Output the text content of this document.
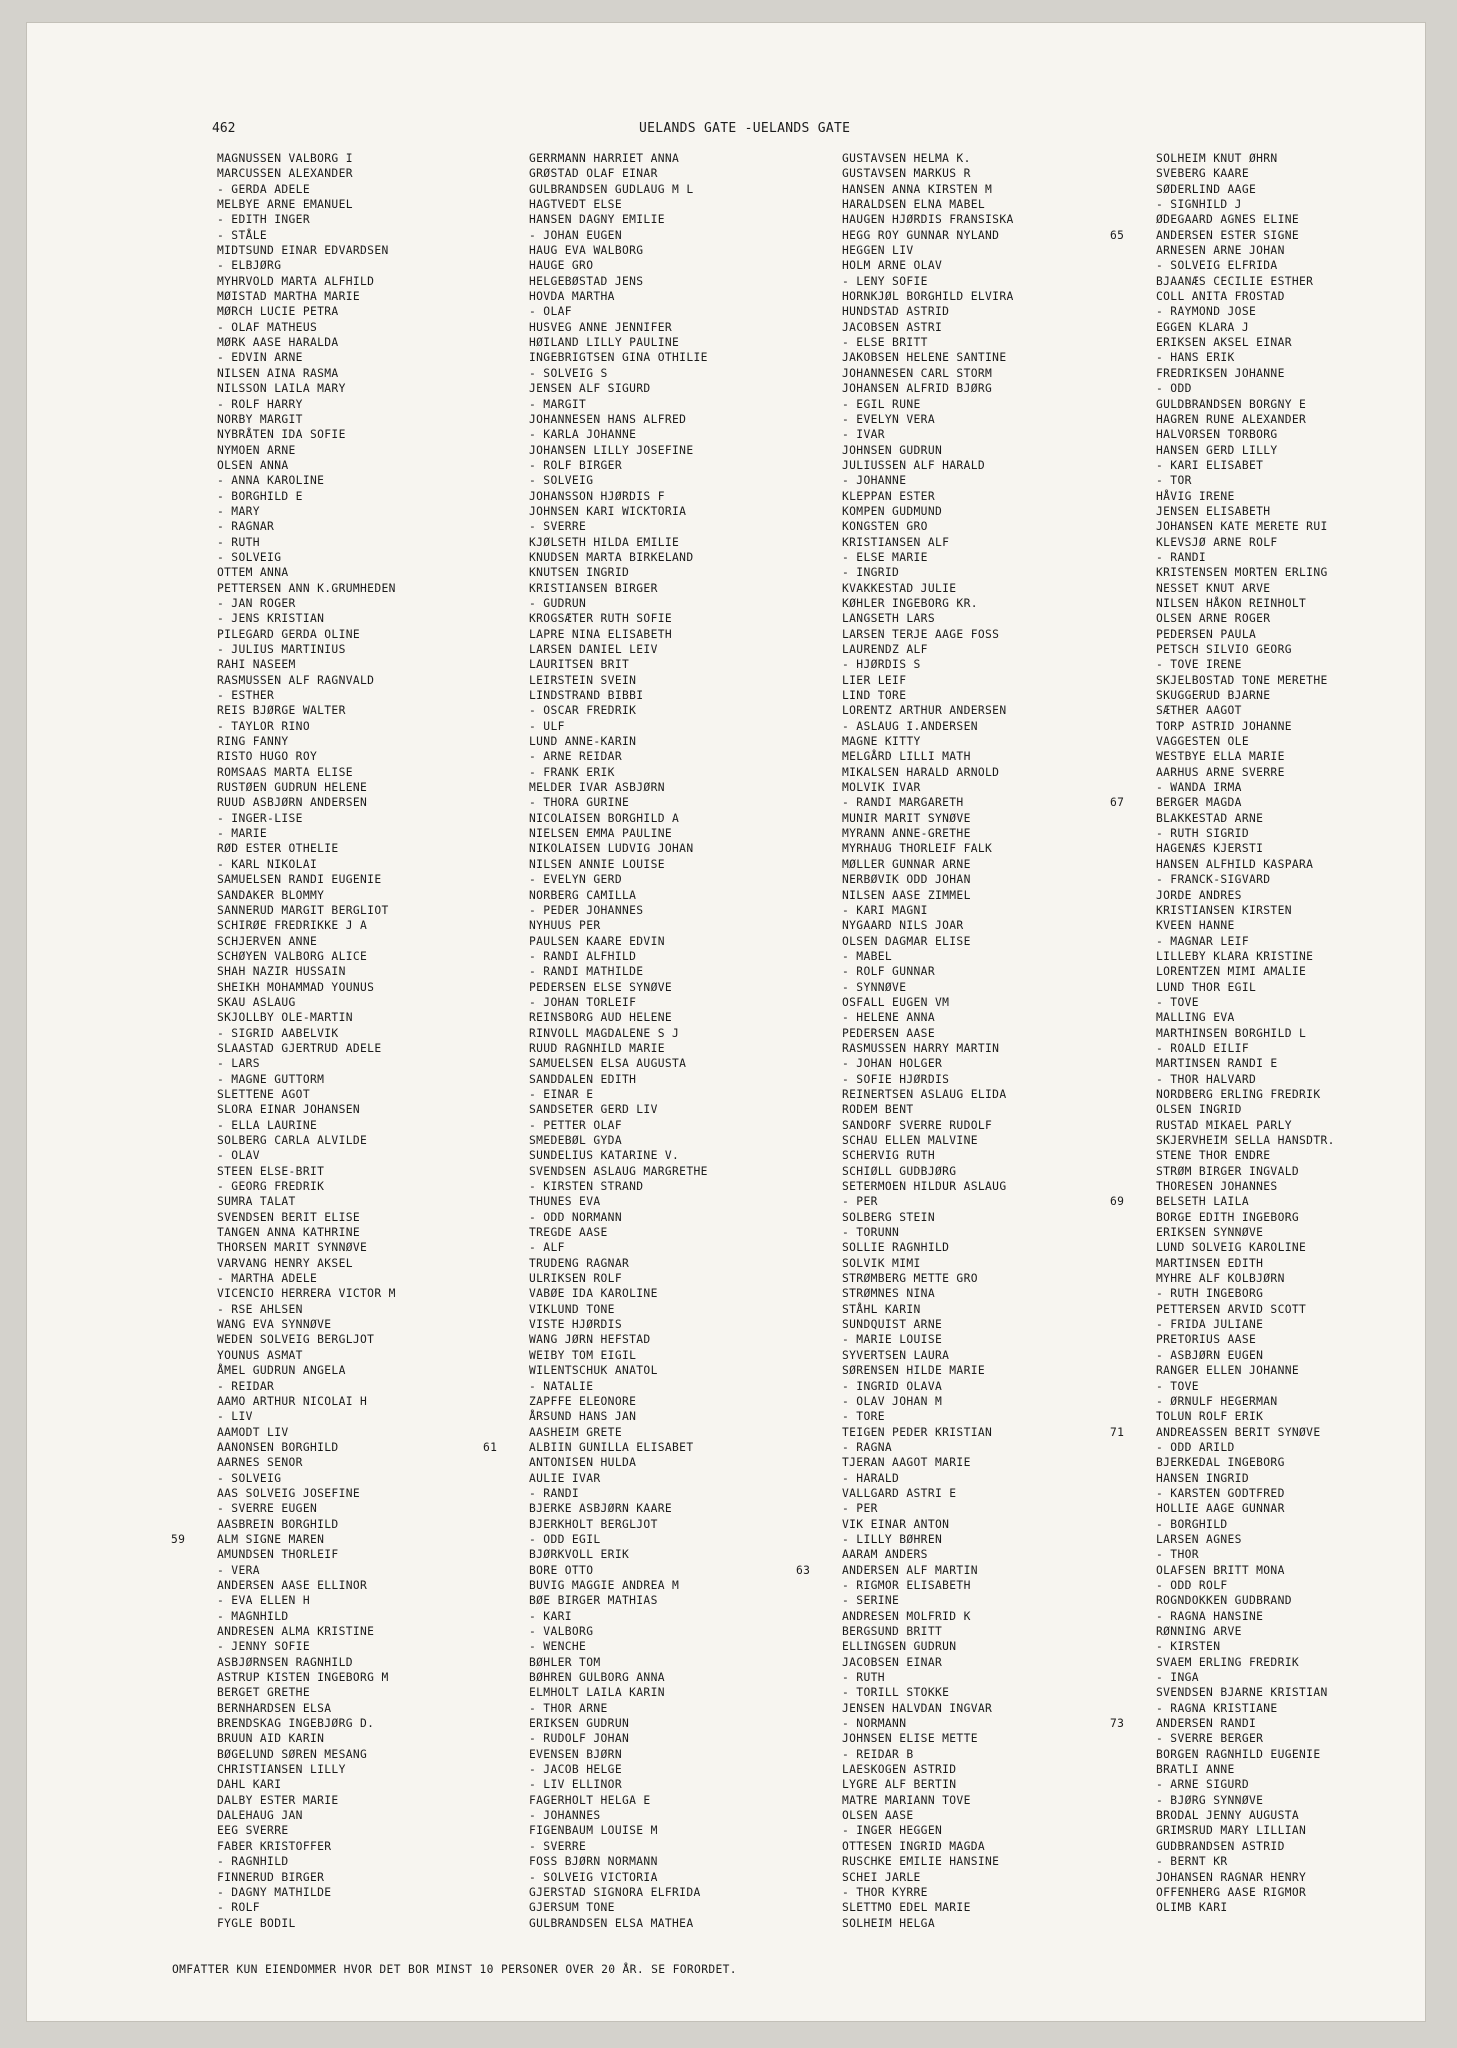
462	UELANDS GATE -UELANDS GATE
MAGNUSSEN VALBORG I
MARCUSSEN ALEXANDER
- GERDA ADELE
MELBYE ARNE EMANUEL
- EDITH INGER
- STÅLE
MIDTSUND EINAR EDVARDSEN
- ELBJØRG
MYHRVOLD MARTA ALFHILD
MØISTAD MARTHA MARIE
MØRCH LUCIE PETRA
- OLAF MATHEUS
MØRK AASE HARALDA
- EDVIN ARNE
NILSEN AINA RASMA
NILSSON LAILA MARY
- ROLF HARRY
NORBY MARGIT
NYBRÅTEN IDA SOFIE
NYMOEN ARNE
OLSEN ANNA
- ANNA KAROLINE
- BORGHILD E
- MARY
- RAGNAR
- RUTH
- SOLVEIG
OTTEM ANNA
PETTERSEN ANN K.GRUMHEDEN
- JAN ROGER
- JENS KRISTIAN
PILEGARD GERDA OLINE
- JULIUS MARTINIUS
RAHI NASEEM
RASMUSSEN ALF RAGNVALD
- ESTHER
REIS BJØRGE WALTER
- TAYLOR RINO
RING FANNY
RISTO HUGO ROY
ROMSAAS MARTA ELISE
RUSTØEN GUDRUN HELENE
RUUD ASBJØRN ANDERSEN
- INGER-LISE
- MARIE
RØD ESTER OTHELIE
- KARL NIKOLAI
SAMUELSEN RANDI EUGENIE
SANDAKER BLOMMY
SANNERUD MARGIT BERGLIOT
SCHIRØE FREDRIKKE J A
SCHJERVEN ANNE
SCHØYEN VALBORG ALICE
SHAH NAZIR HUSSAIN
SHEIKH MOHAMMAD YOUNUS
SKAU ASLAUG
SKJOLLBY OLE-MARTIN
- SIGRID AABELVIK
SLAASTAD GJERTRUD ADELE
- LARS
- MAGNE GUTTORM
SLETTENE AGOT
SLORA EINAR JOHANSEN
- ELLA LAURINE
SOLBERG CARLA ALVILDE
- OLAV
STEEN ELSE-BRIT
- GEORG FREDRIK
SUMRA TALAT
SVENDSEN BERIT ELISE
TANGEN ANNA KATHRINE
THORSEN MARIT SYNNØVE
VARVANG HENRY AKSEL
- MARTHA ADELE
VICENCIO HERRERA VICTOR M
- RSE AHLSEN
WANG EVA SYNNØVE
WEDEN SOLVEIG BERGLJOT
YOUNUS ASMAT
ÅMEL GUDRUN ANGELA
- REIDAR
AAMO ARTHUR NICOLAI H
- LIV
AAMODT LIV
AANONSEN BORGHILD
AARNES SENOR
- SOLVEIG
AAS SOLVEIG JOSEFINE
- SVERRE EUGEN
AASBREIN BORGHILD
59	ALM SIGNE MAREN
AMUNDSEN THORLEIF
- VERA
ANDERSEN AASE ELLINOR
- EVA ELLEN H
- MAGNHILD
ANDRESEN ALMA KRISTINE
- JENNY SOFIE
ASBJØRNSEN RAGNHILD
ASTRUP KISTEN INGEBORG M
BERGET GRETHE
BERNHARDSEN ELSA
BRENDSKAG INGEBJØRG D.
BRUUN AID KARIN
BØGELUND SØREN MESANG
CHRISTIANSEN LILLY
DAHL KARI
DALBY ESTER MARIE
DALEHAUG JAN
EEG SVERRE
FABER KRISTOFFER
- RAGNHILD
FINNERUD BIRGER
- DAGNY MATHILDE
- ROLF
FYGLE BODIL
GERRMANN HARRIET ANNA
GRØSTAD OLAF EINAR
GULBRANDSEN GUDLAUG M L
HAGTVEDT ELSE
HANSEN DAGNY EMILIE
- JOHAN EUGEN
HAUG EVA WALBORG
HAUGE GRO
HELGEBØSTAD JENS
HOVDA MARTHA
- OLAF
HUSVEG ANNE JENNIFER
HØILAND LILLY PAULINE
INGEBRIGTSEN GINA OTHILIE
- SOLVEIG S
JENSEN ALF SIGURD
- MARGIT
JOHANNESEN HANS ALFRED
- KARLA JOHANNE
JOHANSEN LILLY JOSEFINE
- ROLF BIRGER
- SOLVEIG
JOHANSSON HJØRDIS F
JOHNSEN KARI WICKTORIA
- SVERRE
KJØLSETH HILDA EMILIE
KNUDSEN MARTA BIRKELAND
KNUTSEN INGRID
KRISTIANSEN BIRGER
- GUDRUN
KROGSÆTER RUTH SOFIE
LAPRE NINA ELISABETH
LARSEN DANIEL LEIV
LAURITSEN BRIT
LEIRSTEIN SVEIN
LINDSTRAND BIBBI
- OSCAR FREDRIK
- ULF
LUND ANNE-KARIN
- ARNE REIDAR
- FRANK ERIK
MELDER IVAR ASBJØRN
- THORA GURINE
NICOLAISEN BORGHILD A
NIELSEN EMMA PAULINE
NIKOLAISEN LUDVIG JOHAN
NILSEN ANNIE LOUISE
- EVELYN GERD
NORBERG CAMILLA
- PEDER JOHANNES
NYHUUS PER
PAULSEN KAARE EDVIN
- RANDI ALFHILD
- RANDI MATHILDE
PEDERSEN ELSE SYNØVE
- JOHAN TORLEIF
REINSBORG AUD HELENE
RINVOLL MAGDALENE S J
RUUD RAGNHILD MARIE
SAMUELSEN ELSA AUGUSTA
SANDDALEN EDITH
- EINAR E
SANDSETER GERD LIV
- PETTER OLAF
SMEDEBØL GYDA
SUNDELIUS KATARINE V.
SVENDSEN ASLAUG MARGRETHE
- KIRSTEN STRAND
THUNES EVA
- ODD NORMANN
TREGDE AASE
- ALF
TRUDENG RAGNAR
ULRIKSEN ROLF
VABØE IDA KAROLINE
VIKLUND TONE
VISTE HJØRDIS
WANG JØRN HEFSTAD
WEIBY TOM EIGIL
WILENTSCHUK ANATOL
- NATALIE
ZAPFFE ELEONORE
ÅRSUND HANS JAN
AASHEIM GRETE
61	ALBIIN GUNILLA ELISABET
ANTONISEN HULDA
AULIE IVAR
- RANDI
BJERKE ASBJØRN KAARE
BJERKHOLT BERGLJOT
- ODD EGIL
BJØRKVOLL ERIK
BORE OTTO
BUVIG MAGGIE ANDREA M
BØE BIRGER MATHIAS
- KARI
- VALBORG
- WENCHE
BØHLER TOM
BØHREN GULBORG ANNA
ELMHOLT LAILA KARIN
- THOR ARNE
ERIKSEN GUDRUN
- RUDOLF JOHAN
EVENSEN BJØRN
- JACOB HELGE
- LIV ELLINOR
FAGERHOLT HELGA E
- JOHANNES
FIGENBAUM LOUISE M
- SVERRE
FOSS BJØRN NORMANN
- SOLVEIG VICTORIA
GJERSTAD SIGNORA ELFRIDA
GJERSUM TONE
GULBRANDSEN ELSA MATHEA
GUSTAVSEN HELMA K.
GUSTAVSEN MARKUS R
HANSEN ANNA KIRSTEN M
HARALDSEN ELNA MABEL
HAUGEN HJØRDIS FRANSISKA
HEGG ROY GUNNAR NYLAND
HEGGEN LIV
HOLM ARNE OLAV
- LENY SOFIE
HORNKJØL BORGHILD ELVIRA
HUNDSTAD ASTRID
JACOBSEN ASTRI
- ELSE BRITT
JAKOBSEN HELENE SANTINE
JOHANNESEN CARL STORM
JOHANSEN ALFRID BJØRG
- EGIL RUNE
- EVELYN VERA
- IVAR
JOHNSEN GUDRUN
JULIUSSEN ALF HARALD
- JOHANNE
KLEPPAN ESTER
KOMPEN GUDMUND
KONGSTEN GRO
KRISTIANSEN ALF
- ELSE MARIE
- INGRID
KVAKKESTAD JULIE
KØHLER INGEBORG KR.
LANGSETH LARS
LARSEN TERJE AAGE FOSS
LAURENDZ ALF
- HJØRDIS S
LIER LEIF
LIND TORE
LORENTZ ARTHUR ANDERSEN
- ASLAUG I.ANDERSEN
MAGNE KITTY
MELGÅRD LILLI MATH
MIKALSEN HARALD ARNOLD
MOLVIK IVAR
- RANDI MARGARETH
MUNIR MARIT SYNØVE
MYRANN ANNE-GRETHE
MYRHAUG THORLEIF FALK
MØLLER GUNNAR ARNE
NERBØVIK ODD JOHAN
NILSEN AASE ZIMMEL
- KARI MAGNI
NYGAARD NILS JOAR
OLSEN DAGMAR ELISE
- MABEL
- ROLF GUNNAR
- SYNNØVE
OSFALL EUGEN VM
- HELENE ANNA
PEDERSEN AASE
RASMUSSEN HARRY MARTIN
- JOHAN HOLGER
- SOFIE HJØRDIS
REINERTSEN ASLAUG ELIDA
RODEM BENT
SANDORF SVERRE RUDOLF
SCHAU ELLEN MALVINE
SCHERVIG RUTH
SCHIØLL GUDBJØRG
SETERMOEN HILDUR ASLAUG
- PER
SOLBERG STEIN
- TORUNN
SOLLIE RAGNHILD
SOLVIK MIMI
STRØMBERG METTE GRO
STRØMNES NINA
STÅHL KARIN
SUNDQUIST ARNE
- MARIE LOUISE
SYVERTSEN LAURA
SØRENSEN HILDE MARIE
- INGRID OLAVA
- OLAV JOHAN M
- TORE
TEIGEN PEDER KRISTIAN
- RAGNA
TJERAN AAGOT MARIE
- HARALD
VALLGARD ASTRI E
- PER
VIK EINAR ANTON
- LILLY BØHREN
AARAM ANDERS
63	ANDERSEN ALF MARTIN
- RIGMOR ELISABETH
- SERINE
ANDRESEN MOLFRID K
BERGSUND BRITT
ELLINGSEN GUDRUN
JACOBSEN EINAR
- RUTH
- TORILL STOKKE
JENSEN HALVDAN INGVAR
- NORMANN
JOHNSEN ELISE METTE
- REIDAR B
LAESKOGEN ASTRID
LYGRE ALF BERTIN
MATRE MARIANN TOVE
OLSEN AASE
- INGER HEGGEN
OTTESEN INGRID MAGDA
RUSCHKE EMILIE HANSINE
SCHEI JARLE
- THOR KYRRE
SLETTMO EDEL MARIE
SOLHEIM HELGA
SOLHEIM KNUT ØHRN
SVEBERG KAARE
SØDERLIND AAGE
- SIGNHILD J
ØDEGAARD AGNES ELINE
65	ANDERSEN ESTER SIGNE
ARNESEN ARNE JOHAN
- SOLVEIG ELFRIDA
BJAANÆS CECILIE ESTHER
COLL ANITA FROSTAD
- RAYMOND JOSE
EGGEN KLARA J
ERIKSEN AKSEL EINAR
- HANS ERIK
FREDRIKSEN JOHANNE
- ODD
GULDBRANDSEN BORGNY E
HAGREN RUNE ALEXANDER
HALVORSEN TORBORG
HANSEN GERD LILLY
- KARI ELISABET
- TOR
HÅVIG IRENE
JENSEN ELISABETH
JOHANSEN KATE MERETE RUI
KLEVSJØ ARNE ROLF
- RANDI
KRISTENSEN MORTEN ERLING
NESSET KNUT ARVE
NILSEN HÅKON REINHOLT
OLSEN ARNE ROGER
PEDERSEN PAULA
PETSCH SILVIO GEORG
- TOVE IRENE
SKJELBOSTAD TONE MERETHE
SKUGGERUD BJARNE
SÆTHER AAGOT
TORP ASTRID JOHANNE
VAGGESTEN OLE
WESTBYE ELLA MARIE
AARHUS ARNE SVERRE
- WANDA IRMA
67	BERGER MAGDA
BLAKKESTAD ARNE
- RUTH SIGRID
HAGENÆS KJERSTI
HANSEN ALFHILD KASPARA
- FRANCK-SIGVARD
JORDE ANDRES
KRISTIANSEN KIRSTEN
KVEEN HANNE
- MAGNAR LEIF
LILLEBY KLARA KRISTINE
LORENTZEN MIMI AMALIE
LUND THOR EGIL
- TOVE
MALLING EVA
MARTHINSEN BORGHILD L
- ROALD EILIF
MARTINSEN RANDI E
- THOR HALVARD
NORDBERG ERLING FREDRIK
OLSEN INGRID
RUSTAD MIKAEL PARLY
SKJERVHEIM SELLA HANSDTR.
STENE THOR ENDRE
STRØM BIRGER INGVALD
THORESEN JOHANNES
69	BELSETH LAILA
BORGE EDITH INGEBORG
ERIKSEN SYNNØVE
LUND SOLVEIG KAROLINE
MARTINSEN EDITH
MYHRE ALF KOLBJØRN
- RUTH INGEBORG
PETTERSEN ARVID SCOTT
- FRIDA JULIANE
PRETORIUS AASE
- ASBJØRN EUGEN
RANGER ELLEN JOHANNE
- TOVE
- ØRNULF HEGERMAN
TOLUN ROLF ERIK
71	ANDREASSEN BERIT SYNØVE
- ODD ARILD
BJERKEDAL INGEBORG
HANSEN INGRID
- KARSTEN GODTFRED
HOLLIE AAGE GUNNAR
- BORGHILD
LARSEN AGNES
- THOR
OLAFSEN BRITT MONA
- ODD ROLF
ROGNDOKKEN GUDBRAND
- RAGNA HANSINE
RØNNING ARVE
- KIRSTEN
SVAEM ERLING FREDRIK
- INGA
SVENDSEN BJARNE KRISTIAN
- RAGNA KRISTIANE
73	ANDERSEN RANDI
- SVERRE BERGER
BORGEN RAGNHILD EUGENIE
BRATLI ANNE
- ARNE SIGURD
- BJØRG SYNNØVE
BRODAL JENNY AUGUSTA
GRIMSRUD MARY LILLIAN
GUDBRANDSEN ASTRID
- BERNT KR
JOHANSEN RAGNAR HENRY
OFFENHERG AASE RIGMOR
OLIMB KARI
OMFATTER KUN EIENDOMMER HVOR DET BOR MINST 10 PERSONER OVER 20 ÅR. SE FORORDET.
